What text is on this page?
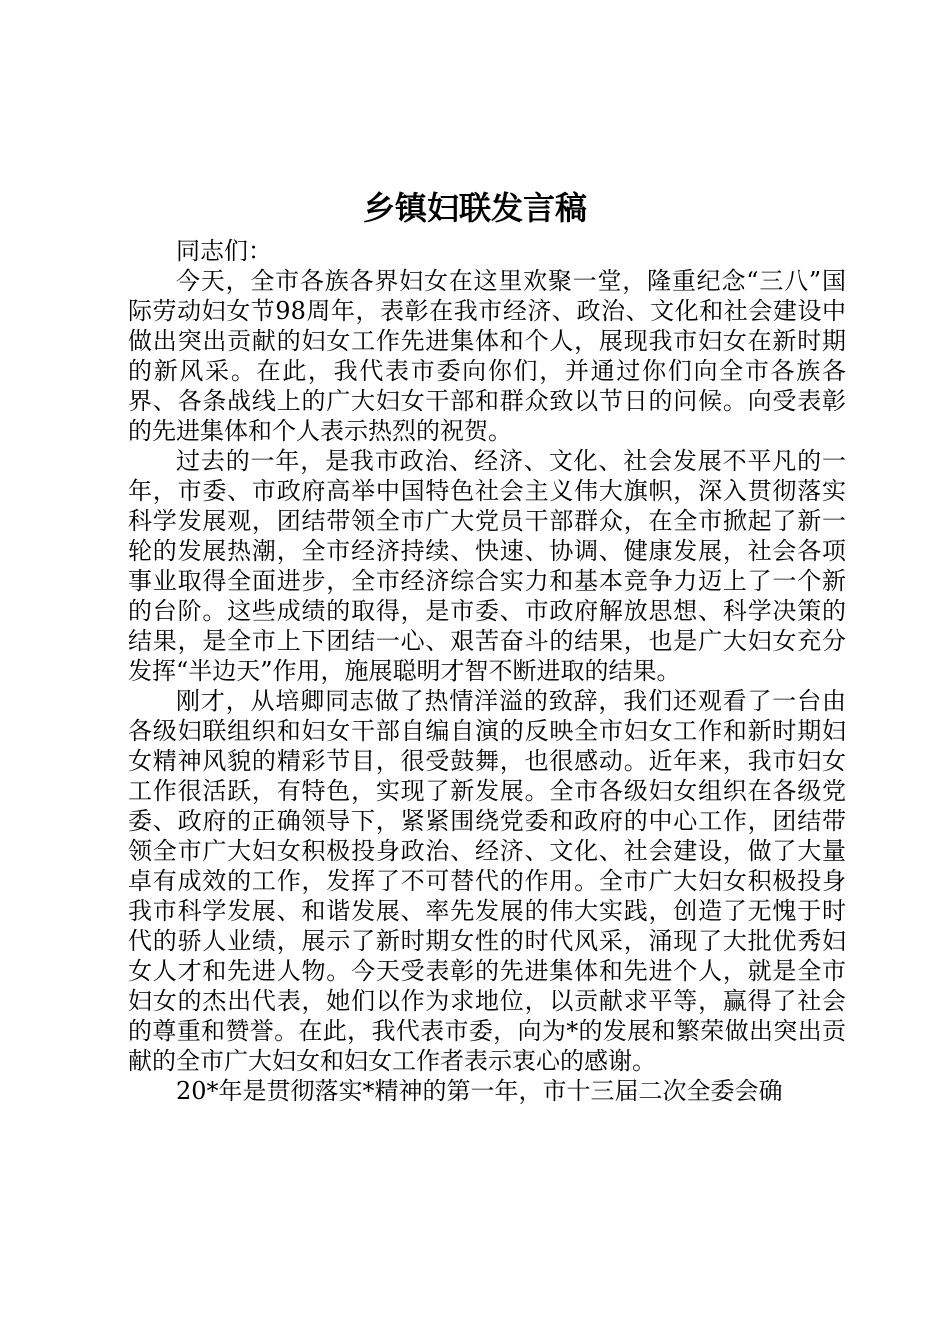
乡镇妇联发言稿

同志们：

今天，全市各族各界妇女在这里欢聚一堂，隆重纪念“三八”国际劳动妇女节98周年，表彰在我市经济、政治、文化和社会建设中做出突出贡献的妇女工作先进集体和个人，展现我市妇女在新时期的新风采。在此，我代表市委向你们，并通过你们向全市各族各界、各条战线上的广大妇女干部和群众致以节日的问候。向受表彰的先进集体和个人表示热烈的祝贺。

过去的一年，是我市政治、经济、文化、社会发展不平凡的一年，市委、市政府高举中国特色社会主义伟大旗帜，深入贯彻落实科学发展观，团结带领全市广大党员干部群众，在全市掀起了新一轮的发展热潮，全市经济持续、快速、协调、健康发展，社会各项事业取得全面进步，全市经济综合实力和基本竞争力迈上了一个新的台阶。这些成绩的取得，是市委、市政府解放思想、科学决策的结果，是全市上下团结一心、艰苦奋斗的结果，也是广大妇女充分发挥“半边天”作用，施展聪明才智不断进取的结果。

刚才，从培卿同志做了热情洋溢的致辞，我们还观看了一台由各级妇联组织和妇女干部自编自演的反映全市妇女工作和新时期妇女精神风貌的精彩节目，很受鼓舞，也很感动。近年来，我市妇女工作很活跃，有特色，实现了新发展。全市各级妇女组织在各级党委、政府的正确领导下，紧紧围绕党委和政府的中心工作，团结带领全市广大妇女积极投身政治、经济、文化、社会建设，做了大量卓有成效的工作，发挥了不可替代的作用。全市广大妇女积极投身我市科学发展、和谐发展、率先发展的伟大实践，创造了无愧于时代的骄人业绩，展示了新时期女性的时代风采，涌现了大批优秀妇女人才和先进人物。今天受表彰的先进集体和先进个人，就是全市妇女的杰出代表，她们以作为求地位，以贡献求平等，赢得了社会的尊重和赞誉。在此，我代表市委，向为*的发展和繁荣做出突出贡献的全市广大妇女和妇女工作者表示衷心的感谢。

20*年是贯彻落实*精神的第一年，市十三届二次全委会确
